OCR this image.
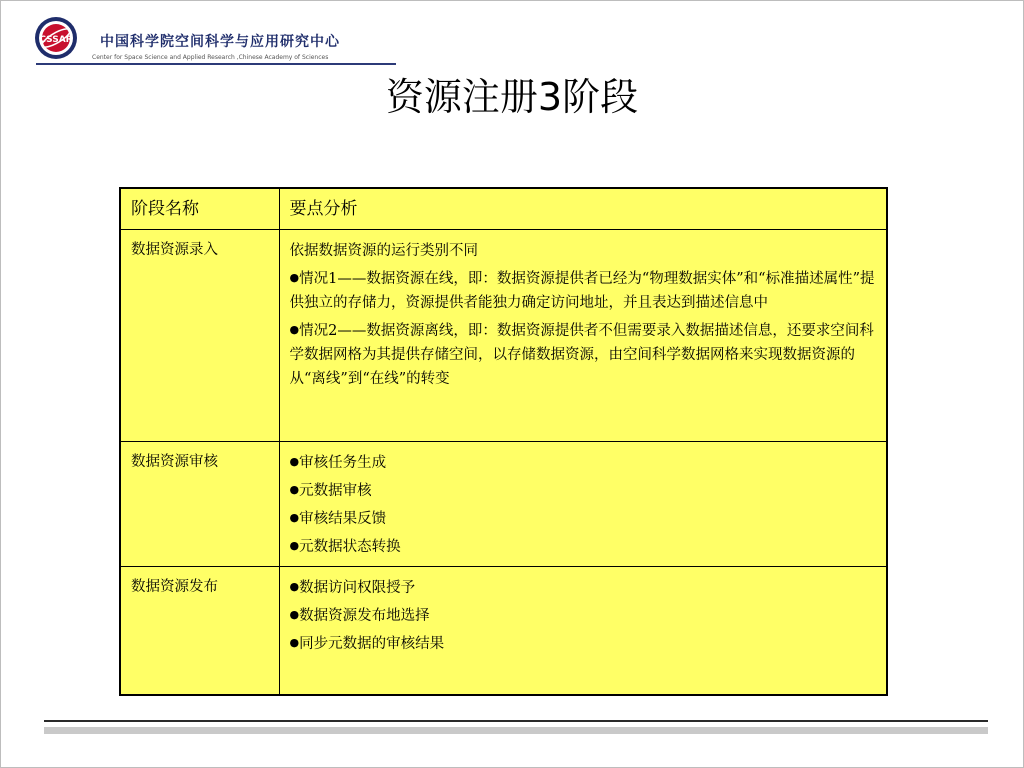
CSSAR 中国科学院空间科学与应用研究中心
Center for Space Science and Applied Research ,Chinese Academy of Sciences
资源注册3阶段
阶段名称	要点分析
数据资源录入	依据数据资源的运行类别不同
●情况1——数据资源在线，即：数据资源提供者已经为“物理数据实体”和“标准描述属性”提供独立的存储力，资源提供者能独力确定访问地址，并且表达到描述信息中
●情况2——数据资源离线，即：数据资源提供者不但需要录入数据描述信息，还要求空间科学数据网格为其提供存储空间，以存储数据资源，由空间科学数据网格来实现数据资源的从“离线”到“在线”的转变

数据资源审核	●审核任务生成
●元数据审核
●审核结果反馈
●元数据状态转换

数据资源发布	●数据访问权限授予
●数据资源发布地选择
●同步元数据的审核结果
